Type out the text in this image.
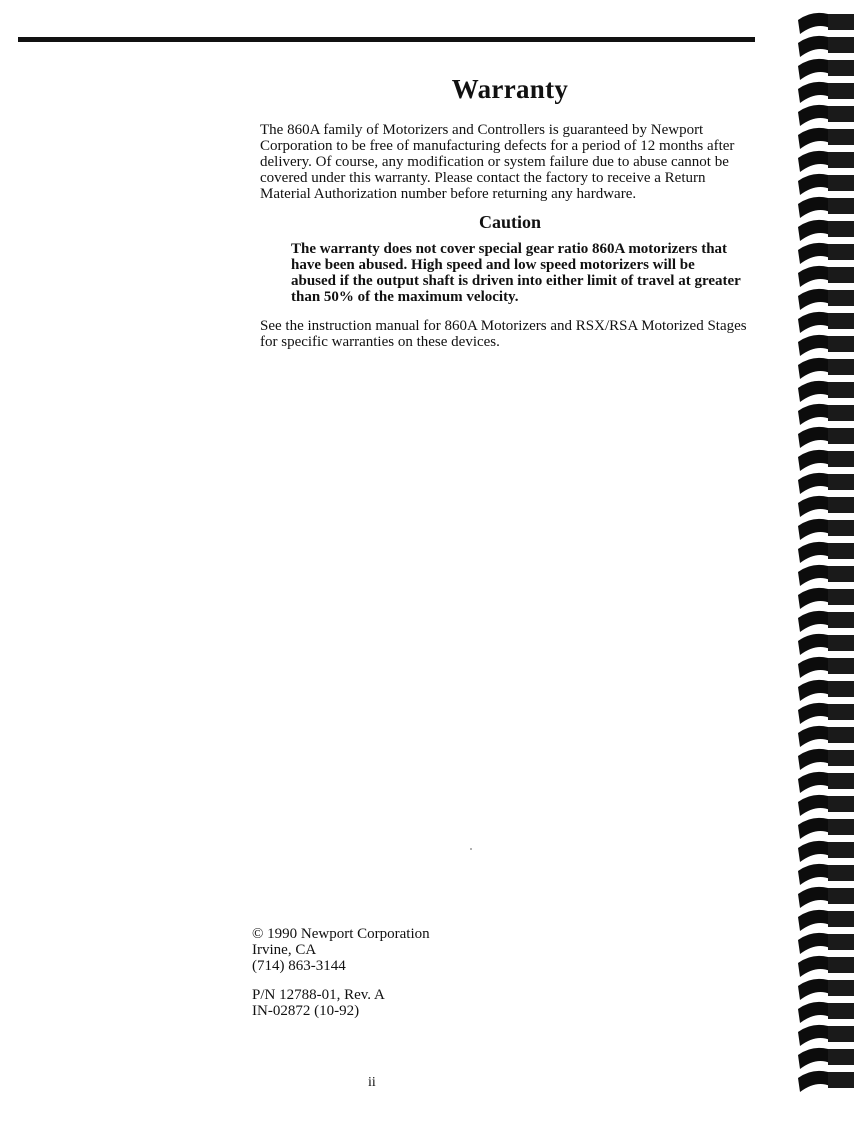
Warranty
The 860A family of Motorizers and Controllers is guaranteed by Newport Corporation to be free of manufacturing defects for a period of 12 months after delivery. Of course, any modification or system failure due to abuse cannot be covered under this warranty. Please contact the factory to receive a Return Material Authorization number before returning any hardware.
Caution
The warranty does not cover special gear ratio 860A motorizers that have been abused. High speed and low speed motorizers will be abused if the output shaft is driven into either limit of travel at greater than 50% of the maximum velocity.
See the instruction manual for 860A Motorizers and RSX/RSA Motorized Stages for specific warranties on these devices.
© 1990 Newport Corporation
Irvine, CA
(714) 863-3144
P/N 12788-01, Rev. A
IN-02872 (10-92)
ii
